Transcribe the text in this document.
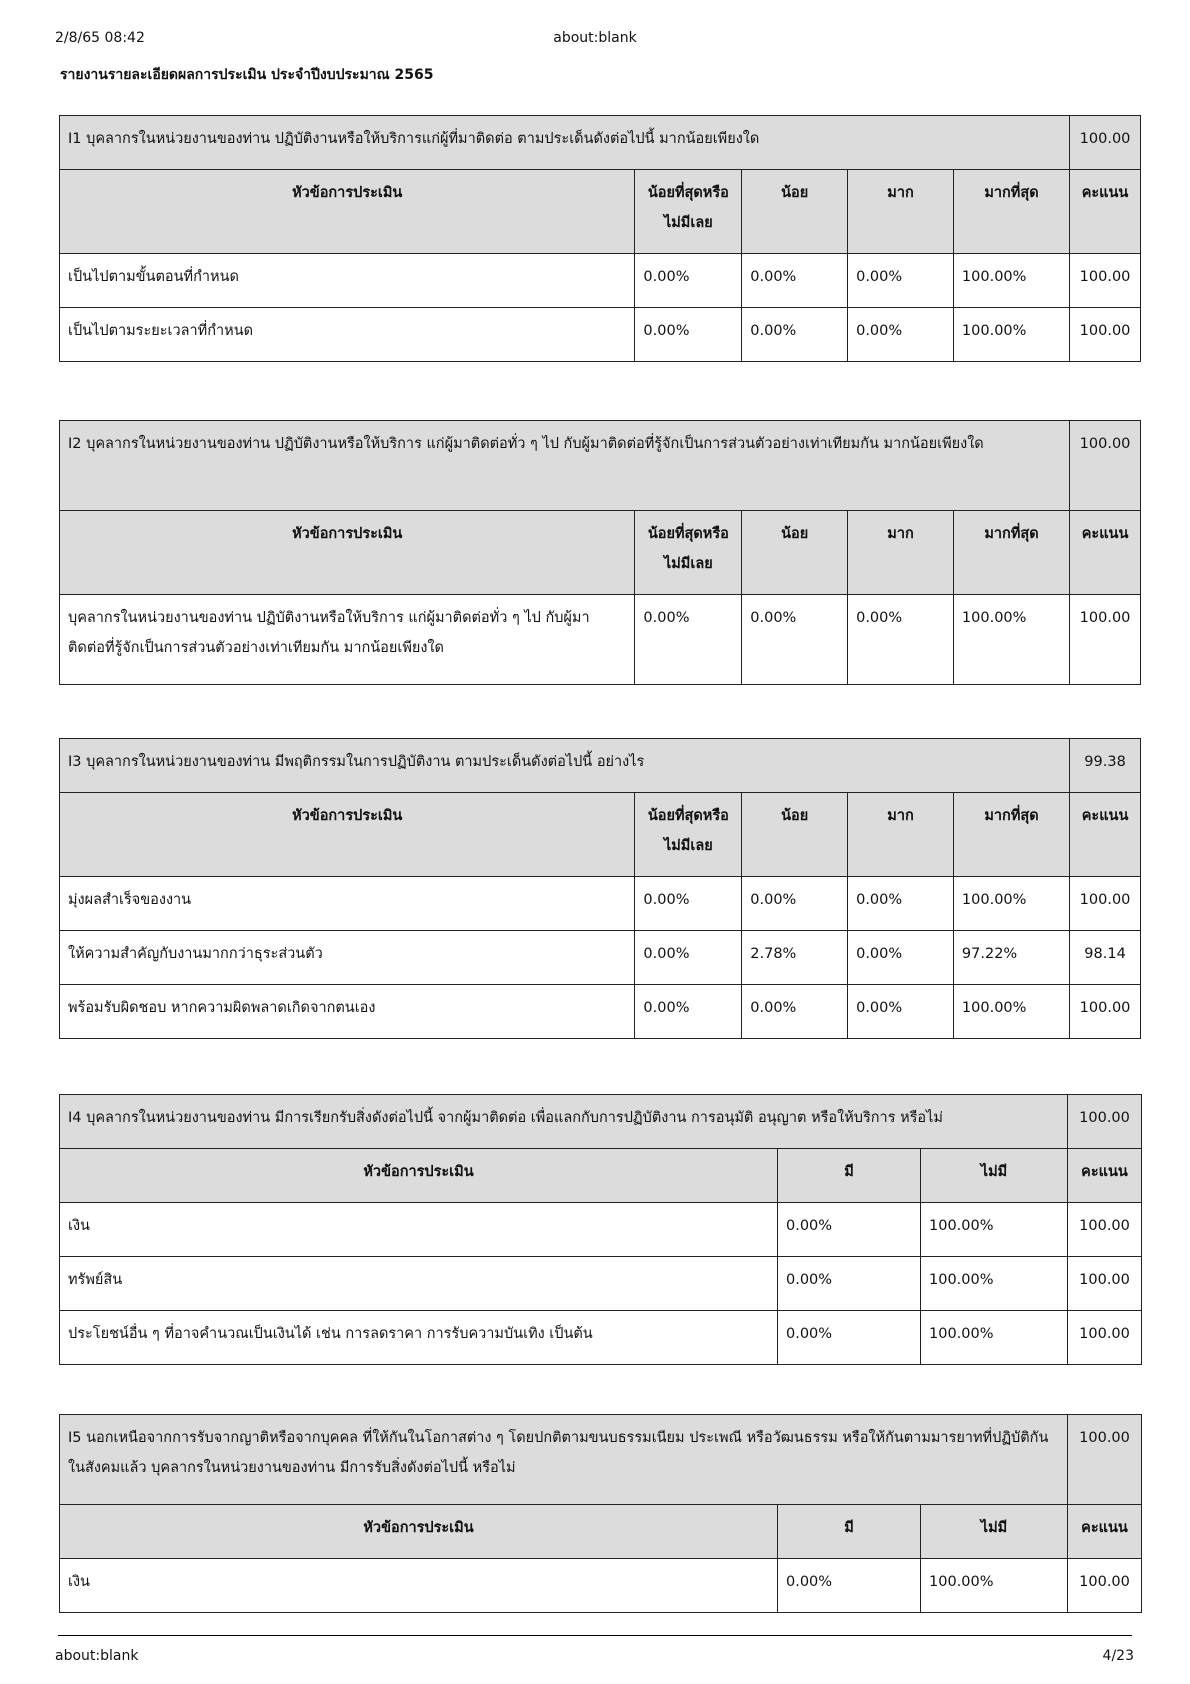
2/8/65 08:42	about:blank
รายงานรายละเอียดผลการประเมิน ประจำปีงบประมาณ 2565
I1 บุคลากรในหน่วยงานของท่าน ปฏิบัติงานหรือให้บริการแก่ผู้ที่มาติดต่อ ตามประเด็นดังต่อไปนี้ มากน้อยเพียงใด					100.00
หัวข้อการประเมิน	น้อยที่สุดหรือไม่มีเลย	น้อย	มาก	มากที่สุด	คะแนน
เป็นไปตามขั้นตอนที่กำหนด	0.00%	0.00%	0.00%	100.00%	100.00
เป็นไปตามระยะเวลาที่กำหนด	0.00%	0.00%	0.00%	100.00%	100.00
I2 บุคลากรในหน่วยงานของท่าน ปฏิบัติงานหรือให้บริการ แก่ผู้มาติดต่อทั่ว ๆ ไป กับผู้มาติดต่อที่รู้จักเป็นการส่วนตัวอย่างเท่าเทียมกัน มากน้อยเพียงใด					100.00
หัวข้อการประเมิน	น้อยที่สุดหรือไม่มีเลย	น้อย	มาก	มากที่สุด	คะแนน
บุคลากรในหน่วยงานของท่าน ปฏิบัติงานหรือให้บริการ แก่ผู้มาติดต่อทั่ว ๆ ไป กับผู้มาติดต่อที่รู้จักเป็นการส่วนตัวอย่างเท่าเทียมกัน มากน้อยเพียงใด	0.00%	0.00%	0.00%	100.00%	100.00
I3 บุคลากรในหน่วยงานของท่าน มีพฤติกรรมในการปฏิบัติงาน ตามประเด็นดังต่อไปนี้ อย่างไร					99.38
หัวข้อการประเมิน	น้อยที่สุดหรือไม่มีเลย	น้อย	มาก	มากที่สุด	คะแนน
มุ่งผลสำเร็จของงาน	0.00%	0.00%	0.00%	100.00%	100.00
ให้ความสำคัญกับงานมากกว่าธุระส่วนตัว	0.00%	2.78%	0.00%	97.22%	98.14
พร้อมรับผิดชอบ หากความผิดพลาดเกิดจากตนเอง	0.00%	0.00%	0.00%	100.00%	100.00
I4 บุคลากรในหน่วยงานของท่าน มีการเรียกรับสิ่งดังต่อไปนี้ จากผู้มาติดต่อ เพื่อแลกกับการปฏิบัติงาน การอนุมัติ อนุญาต หรือให้บริการ หรือไม่			100.00
หัวข้อการประเมิน	มี	ไม่มี	คะแนน
เงิน	0.00%	100.00%	100.00
ทรัพย์สิน	0.00%	100.00%	100.00
ประโยชน์อื่น ๆ ที่อาจคำนวณเป็นเงินได้ เช่น การลดราคา การรับความบันเทิง เป็นต้น	0.00%	100.00%	100.00
I5 นอกเหนือจากการรับจากญาติหรือจากบุคคล ที่ให้กันในโอกาสต่าง ๆ โดยปกติตามขนบธรรมเนียม ประเพณี หรือวัฒนธรรม หรือให้กันตามมารยาทที่ปฏิบัติกันในสังคมแล้ว บุคลากรในหน่วยงานของท่าน มีการรับสิ่งดังต่อไปนี้ หรือไม่			100.00
หัวข้อการประเมิน	มี	ไม่มี	คะแนน
เงิน	0.00%	100.00%	100.00
about:blank	4/23
